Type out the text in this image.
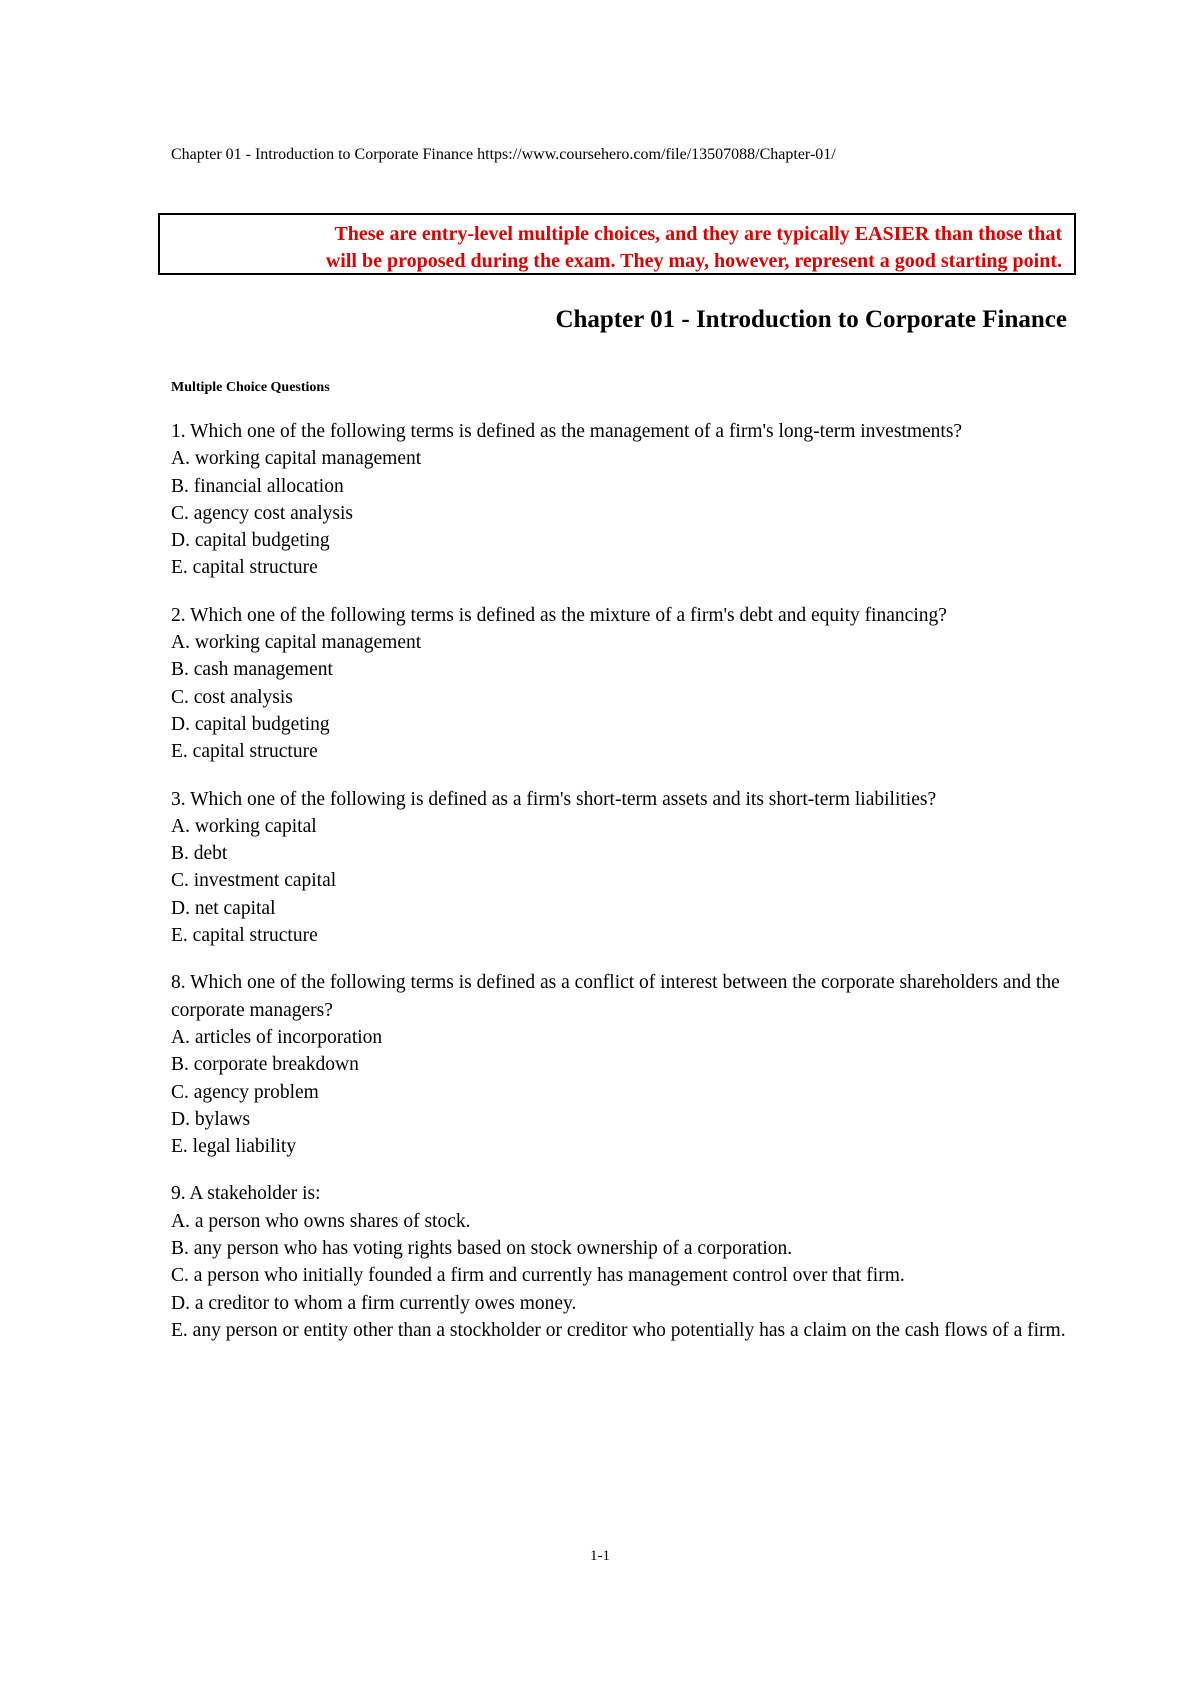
Chapter 01 - Introduction to Corporate Finance https://www.coursehero.com/file/13507088/Chapter-01/
These are entry-level multiple choices, and they are typically EASIER than those that
will be proposed during the exam. They may, however, represent a good starting point.
Chapter 01 - Introduction to Corporate Finance
Multiple Choice Questions
1. Which one of the following terms is defined as the management of a firm's long-term investments?
A. working capital management
B. financial allocation
C. agency cost analysis
D. capital budgeting
E. capital structure
2. Which one of the following terms is defined as the mixture of a firm's debt and equity financing?
A. working capital management
B. cash management
C. cost analysis
D. capital budgeting
E. capital structure
3. Which one of the following is defined as a firm's short-term assets and its short-term liabilities?
A. working capital
B. debt
C. investment capital
D. net capital
E. capital structure
8. Which one of the following terms is defined as a conflict of interest between the corporate shareholders and the corporate managers?
A. articles of incorporation
B. corporate breakdown
C. agency problem
D. bylaws
E. legal liability
9. A stakeholder is:
A. a person who owns shares of stock.
B. any person who has voting rights based on stock ownership of a corporation.
C. a person who initially founded a firm and currently has management control over that firm.
D. a creditor to whom a firm currently owes money.
E. any person or entity other than a stockholder or creditor who potentially has a claim on the cash flows of a firm.
1-1
